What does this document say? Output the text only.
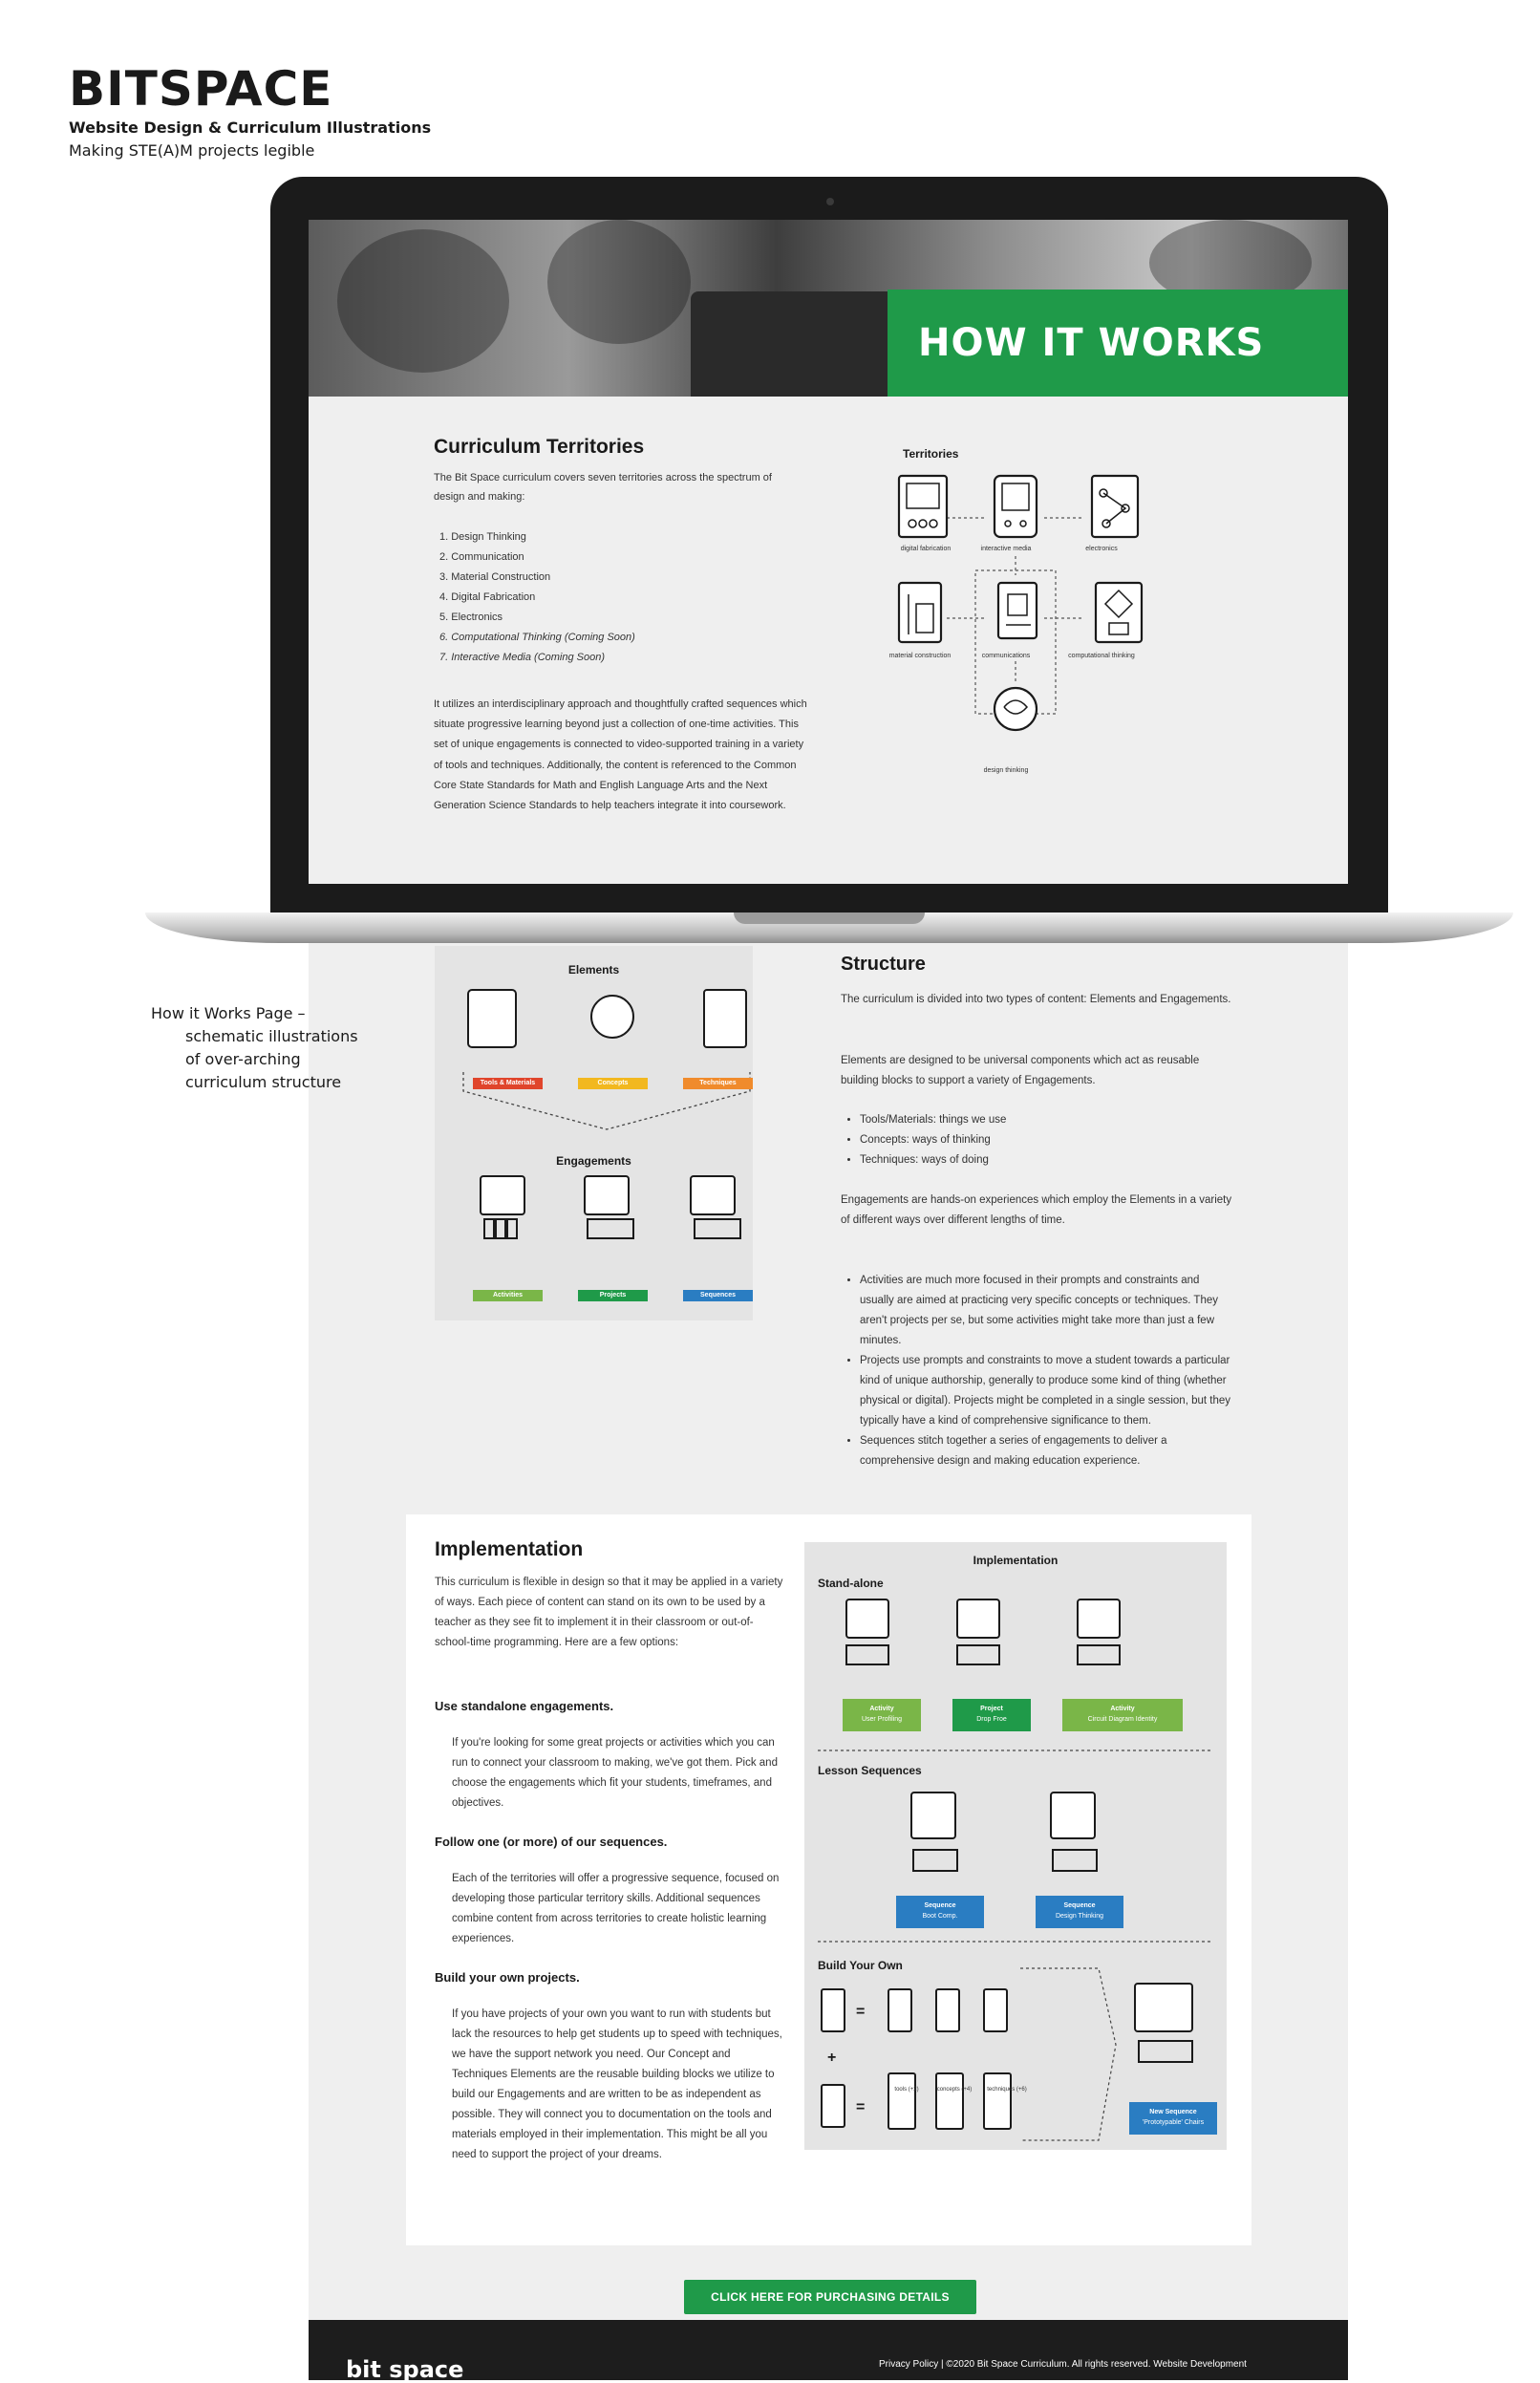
BITSPACE
Website Design & Curriculum Illustrations
Making STE(A)M projects legible
HOW IT WORKS
Curriculum Territories
The Bit Space curriculum covers seven territories across the spectrum of design and making:
1. Design Thinking
2. Communication
3. Material Construction
4. Digital Fabrication
5. Electronics
6. Computational Thinking (Coming Soon)
7. Interactive Media (Coming Soon)
It utilizes an interdisciplinary approach and thoughtfully crafted sequences which situate progressive learning beyond just a collection of one-time activities. This set of unique engagements is connected to video-supported training in a variety of tools and techniques. Additionally, the content is referenced to the Common Core State Standards for Math and English Language Arts and the Next Generation Science Standards to help teachers integrate it into coursework.
Territories
digital fabrication	interactive media	electronics
material construction	communications	computational thinking
design thinking
How it Works Page –
schematic illustrations
of over-arching
curriculum structure
Elements
Tools & Materials	Concepts	Techniques
Engagements
Activities	Projects	Sequences
Structure
The curriculum is divided into two types of content: Elements and Engagements.
Elements are designed to be universal components which act as reusable building blocks to support a variety of Engagements.
• Tools/Materials: things we use
• Concepts: ways of thinking
• Techniques: ways of doing
Engagements are hands-on experiences which employ the Elements in a variety of different ways over different lengths of time.
• Activities are much more focused in their prompts and constraints and usually are aimed at practicing very specific concepts or techniques. They aren't projects per se, but some activities might take more than just a few minutes.
• Projects use prompts and constraints to move a student towards a particular kind of unique authorship, generally to produce some kind of thing (whether physical or digital). Projects might be completed in a single session, but they typically have a kind of comprehensive significance to them.
• Sequences stitch together a series of engagements to deliver a comprehensive design and making education experience.
Implementation
This curriculum is flexible in design so that it may be applied in a variety of ways. Each piece of content can stand on its own to be used by a teacher as they see fit to implement it in their classroom or out-of-school-time programming. Here are a few options:
Use standalone engagements.
If you're looking for some great projects or activities which you can run to connect your classroom to making, we've got them. Pick and choose the engagements which fit your students, timeframes, and objectives.
Follow one (or more) of our sequences.
Each of the territories will offer a progressive sequence, focused on developing those particular territory skills. Additional sequences combine content from across territories to create holistic learning experiences.
Build your own projects.
If you have projects of your own you want to run with students but lack the resources to help get students up to speed with techniques, we have the support network you need. Our Concept and Techniques Elements are the reusable building blocks we utilize to build our Engagements and are written to be as independent as possible. They will connect you to documentation on the tools and materials employed in their implementation. This might be all you need to support the project of your dreams.
Implementation
Stand-alone
=
=
+
Activity
User Profiling
Project
Drop Froe
Activity
Circuit Diagram Identity
Lesson Sequences
Sequence
Boot Comp.
Sequence
Design Thinking
Build Your Own
tools (+2)	concepts (+4)	techniques (+6)
New Sequence
'Prototypable' Chairs
CLICK HERE FOR PURCHASING DETAILS
bit space	Privacy Policy | ©2020 Bit Space Curriculum. All rights reserved. Website Development
